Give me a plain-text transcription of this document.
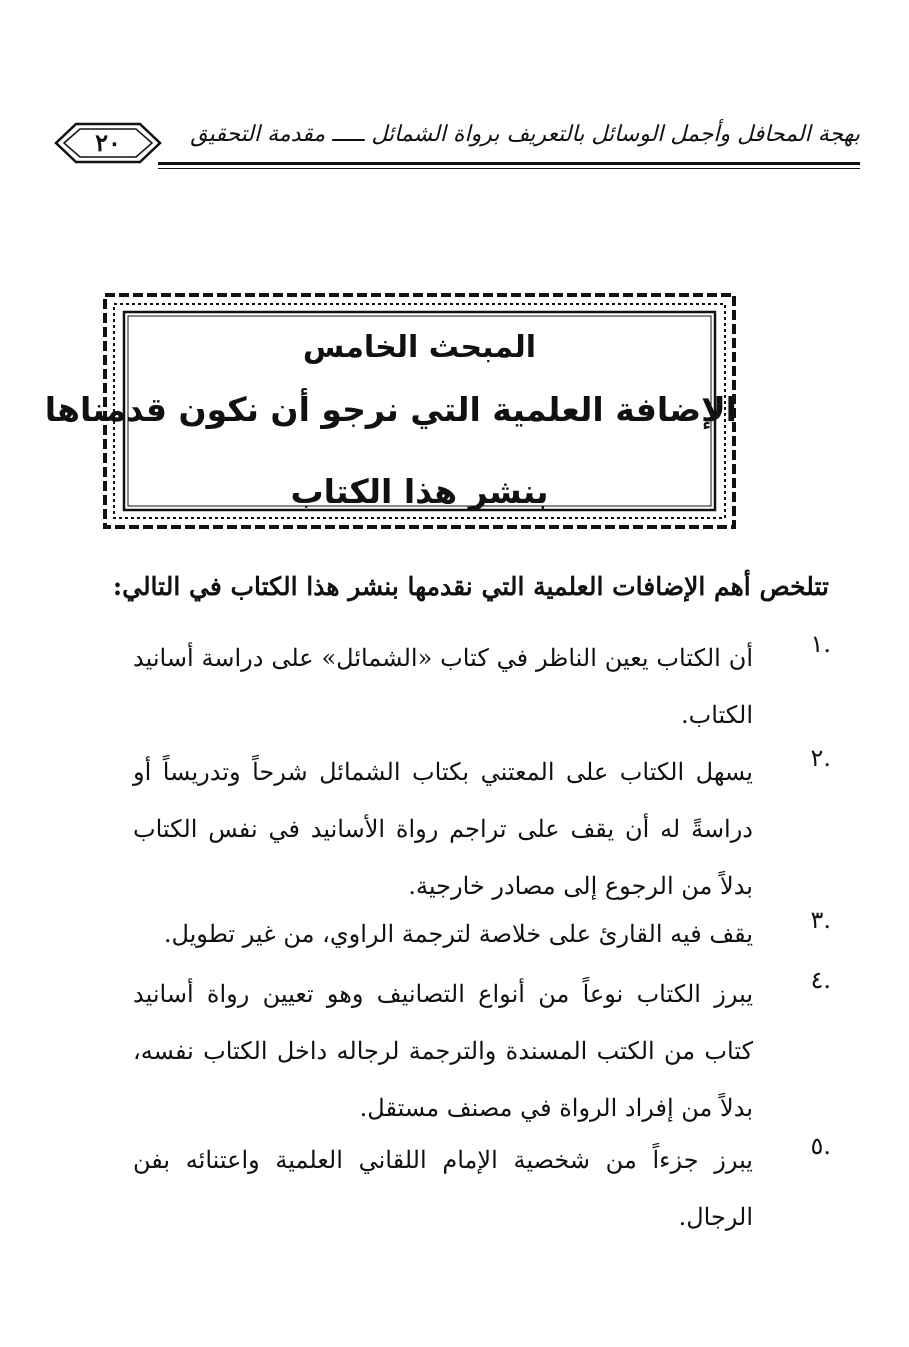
بهجة المحافل وأجمل الوسائل بالتعريف برواة الشمائل ـــــ مقدمة التحقيق
٢٠
المبحث الخامس
الإضافة العلمية التي نرجو أن نكون قدمناها
بنشر هذا الكتاب
تتلخص أهم الإضافات العلمية التي نقدمها بنشر هذا الكتاب في التالي:
.١
أن الكتاب يعين الناظر في كتاب «الشمائل» على دراسة أسانيد الكتاب.
.٢
يسهل الكتاب على المعتني بكتاب الشمائل شرحاً وتدريساً أو دراسةً له أن يقف على تراجم رواة الأسانيد في نفس الكتاب بدلاً من الرجوع إلى مصادر خارجية.
.٣
يقف فيه القارئ على خلاصة لترجمة الراوي، من غير تطويل.
.٤
يبرز الكتاب نوعاً من أنواع التصانيف وهو تعيين رواة أسانيد كتاب من الكتب المسندة والترجمة لرجاله داخل الكتاب نفسه، بدلاً من إفراد الرواة في مصنف مستقل.
.٥
يبرز جزءاً من شخصية الإمام اللقاني العلمية واعتنائه بفن الرجال.
